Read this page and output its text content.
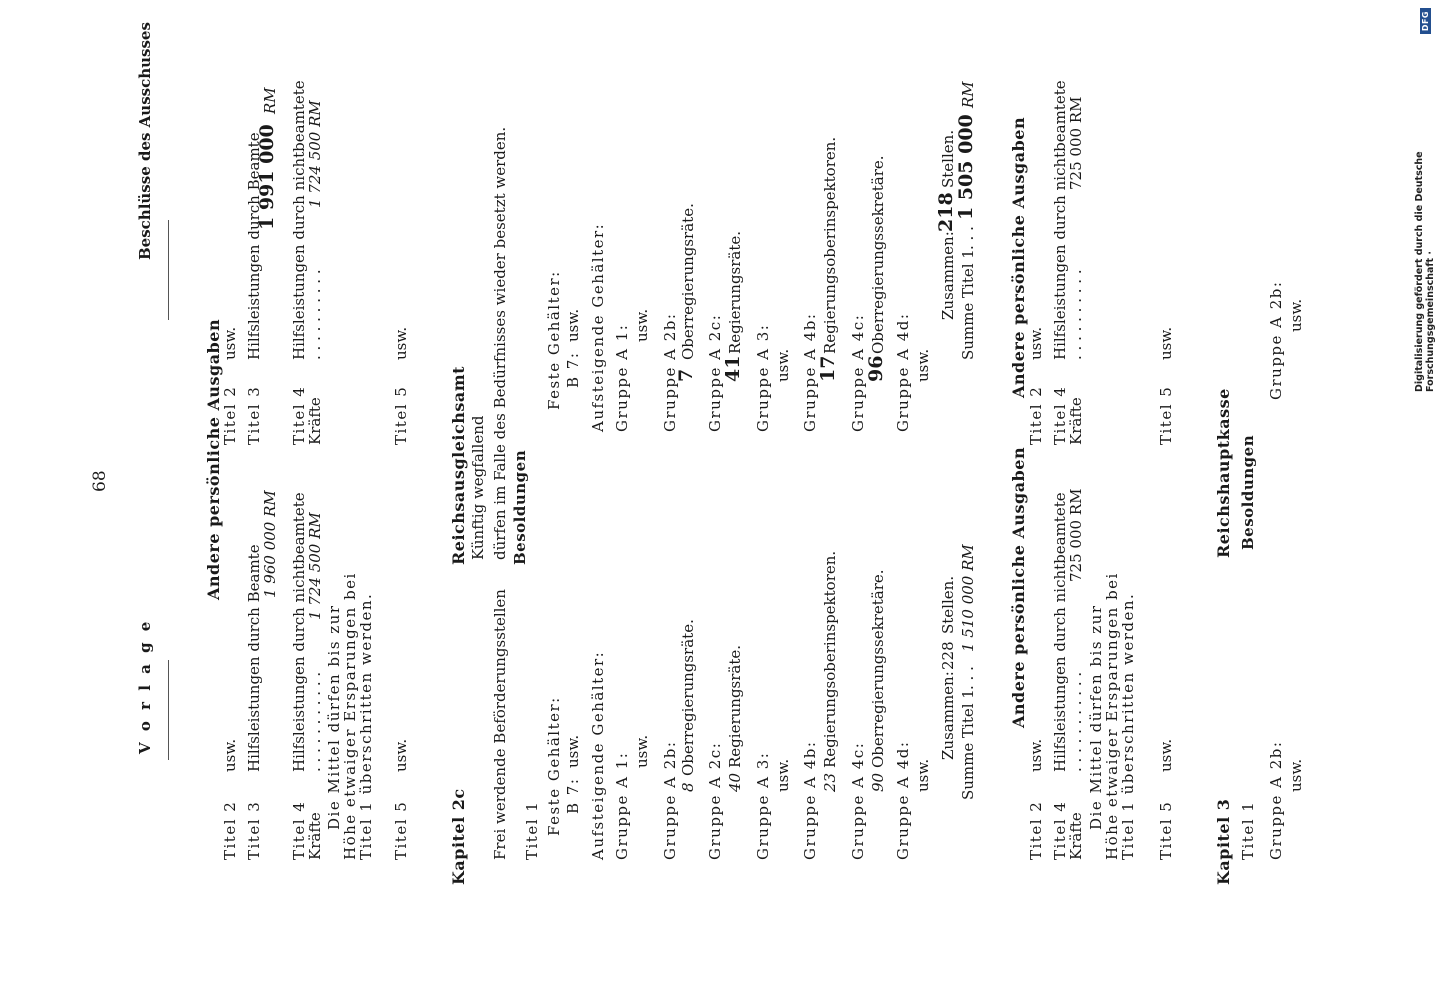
V o r l a g e
68
Beschlüsse des Ausschusses
Andere persönliche Ausgaben
Titel 2
usw.
Titel 3
Hilfsleistungen durch Beamte
1 960 000 RM
Titel 4
Hilfsleistungen durch nichtbeamtete
Kräfte
. . . . . . . . . . .
1 724 500 RM
Die Mittel dürfen bis zur
Höhe etwaiger Ersparungen bei
Titel 1 überschritten werden. Titel 5
usw.
Titel 2
usw.
Titel 3
Hilfsleistungen durch Beamte
1 991 000
RM
Titel 4
Hilfsleistungen durch nichtbeamtete
Kräfte
. . . . . . . . . .
1 724 500 RM
Titel 5
usw.
Kapitel 2c
Reichsausgleichsamt Künftig wegfallend
Frei werdende Beförderungsstellen
dürfen im Falle des Bedürfnisses wieder besetzt werden. Besoldungen
Titel 1 Feste Gehälter: B 7:
usw. Aufsteigende Gehälter: Gruppe A 1:
usw. Gruppe A 2b: 8
Oberregierungsräte.
Gruppe A 2c: 40
Regierungsräte.
Gruppe A 3: usw. Gruppe A 4b: 23
Regierungsoberinspektoren.
Gruppe A 4c: 90
Oberregierungssekretäre.
Gruppe A 4d: usw.
Zusammen:
228
Stellen.
Summe Titel 1
. . .
1 510 000 RM
Feste Gehälter: B 7:
usw. Aufsteigende Gehälter: Gruppe A 1: usw. Gruppe A 2b:
7
Oberregierungsräte.
Gruppe A 2c:
41
Regierungsräte.
Gruppe A 3: usw. Gruppe A 4b:
17
Regierungsoberinspektoren.
Gruppe A 4c:
96
Oberregierungssekretäre.
Gruppe A 4d: usw.
Zusammen:
218
Stellen.
Summe Titel 1
. . .
1 505 000
RM
Andere persönliche Ausgaben
Andere persönliche Ausgaben
Titel 2
usw.
Titel 4
Hilfsleistungen durch nichtbeamtete
Kräfte
. . . . . . . . . . .
725 000 RM
Die Mittel dürfen bis zur
Höhe etwaiger Ersparungen bei
Titel 1 überschritten werden. Titel 5
usw.
Titel 2
usw.
Titel 4
Hilfsleistungen durch nichtbeamtete
Kräfte
. . . . . . . . . .
725 000 RM
Titel 5
usw.
Kapitel 3
Reichshauptkasse Besoldungen
Titel 1 Gruppe A 2b: usw.
Gruppe A 2b: usw.	Digitalisierung gefördert durch die Deutsche Forschungsgemeinschaft ·
DFG
